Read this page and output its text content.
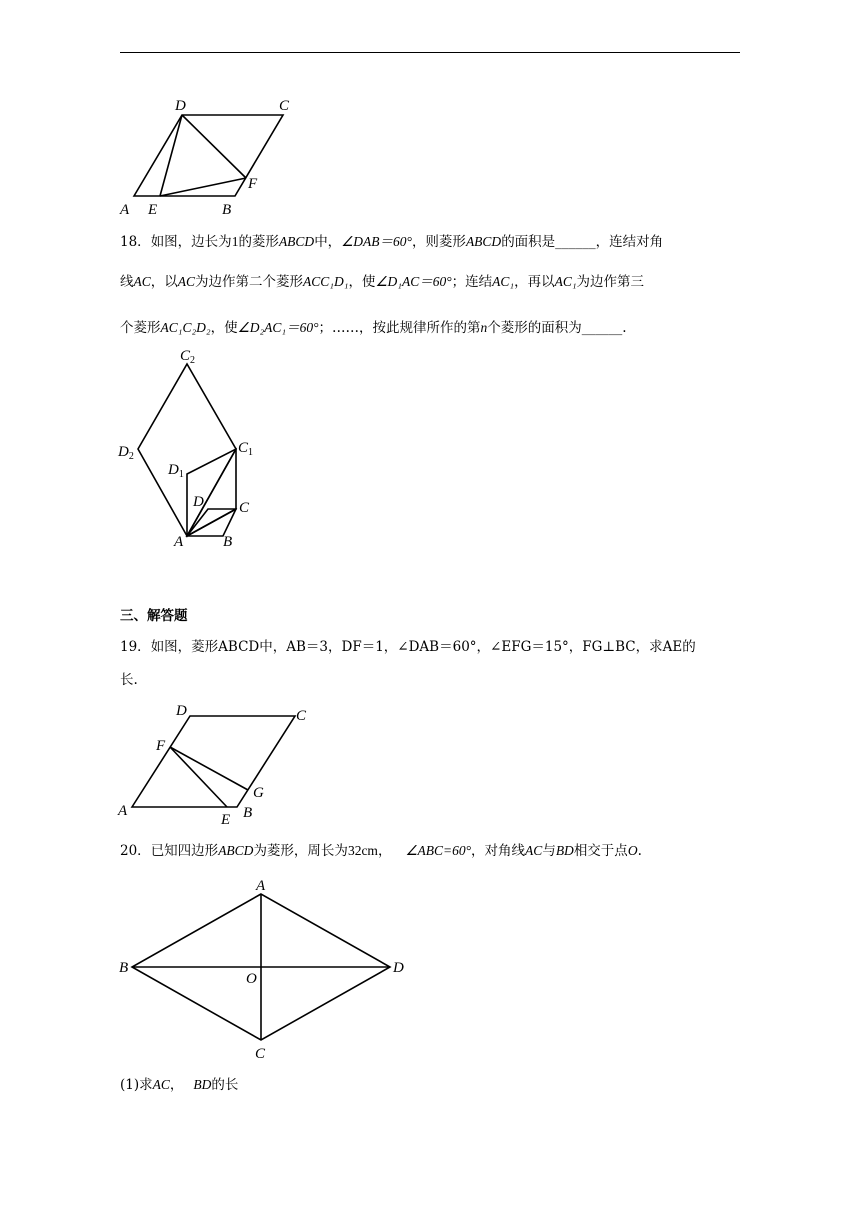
D	C
A E	B
F
18．如图，边长为1的菱形ABCD中，∠DAB＝60°，则菱形ABCD的面积是______，连结对角
线AC，以AC为边作第二个菱形ACC₁D₁，使∠D₁AC＝60°；连结AC₁，再以AC₁为边作第三
个菱形AC₁C₂D₂，使∠D₂AC₁＝60°；……，按此规律所作的第n个菱形的面积为______.
$C_2$
$D_2$
$C_1$
$D_1$
D C
A	B
三、解答题
19．如图，菱形ABCD中，AB＝3，DF＝1，∠DAB＝60°，∠EFG＝15°，FG⊥BC，求AE的
长.
D	C
F
A
E B
G
20．已知四边形ABCD为菱形，周长为32cm， ∠ABC=60°，对角线AC与BD相交于点O.
A
B
O
D
C
(1)求AC， BD的长
